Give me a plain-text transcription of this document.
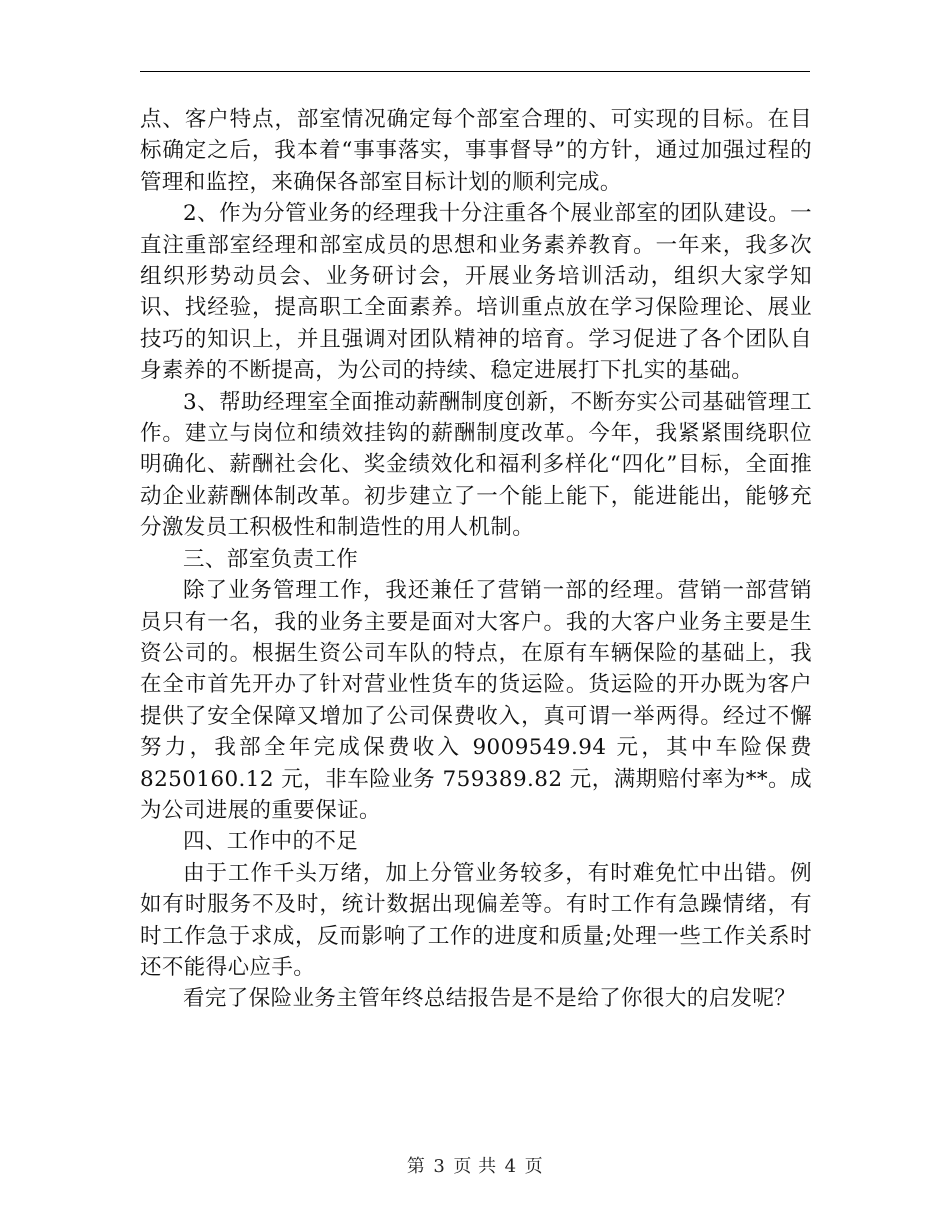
点、客户特点，部室情况确定每个部室合理的、可实现的目标。在目标确定之后，我本着“事事落实，事事督导”的方针，通过加强过程的管理和监控，来确保各部室目标计划的顺利完成。

2、作为分管业务的经理我十分注重各个展业部室的团队建设。一直注重部室经理和部室成员的思想和业务素养教育。一年来，我多次组织形势动员会、业务研讨会，开展业务培训活动，组织大家学知识、找经验，提高职工全面素养。培训重点放在学习保险理论、展业技巧的知识上，并且强调对团队精神的培育。学习促进了各个团队自身素养的不断提高，为公司的持续、稳定进展打下扎实的基础。

3、帮助经理室全面推动薪酬制度创新，不断夯实公司基础管理工作。建立与岗位和绩效挂钩的薪酬制度改革。今年，我紧紧围绕职位明确化、薪酬社会化、奖金绩效化和福利多样化“四化”目标，全面推动企业薪酬体制改革。初步建立了一个能上能下，能进能出，能够充分激发员工积极性和制造性的用人机制。

三、部室负责工作

除了业务管理工作，我还兼任了营销一部的经理。营销一部营销员只有一名，我的业务主要是面对大客户。我的大客户业务主要是生资公司的。根据生资公司车队的特点，在原有车辆保险的基础上，我在全市首先开办了针对营业性货车的货运险。货运险的开办既为客户提供了安全保障又增加了公司保费收入，真可谓一举两得。经过不懈努力，我部全年完成保费收入 9009549.94 元，其中车险保费 8250160.12 元，非车险业务 759389.82 元，满期赔付率为**。成为公司进展的重要保证。

四、工作中的不足

由于工作千头万绪，加上分管业务较多，有时难免忙中出错。例如有时服务不及时，统计数据出现偏差等。有时工作有急躁情绪，有时工作急于求成，反而影响了工作的进度和质量;处理一些工作关系时还不能得心应手。

看完了保险业务主管年终总结报告是不是给了你很大的启发呢？

第 3 页 共 4 页
